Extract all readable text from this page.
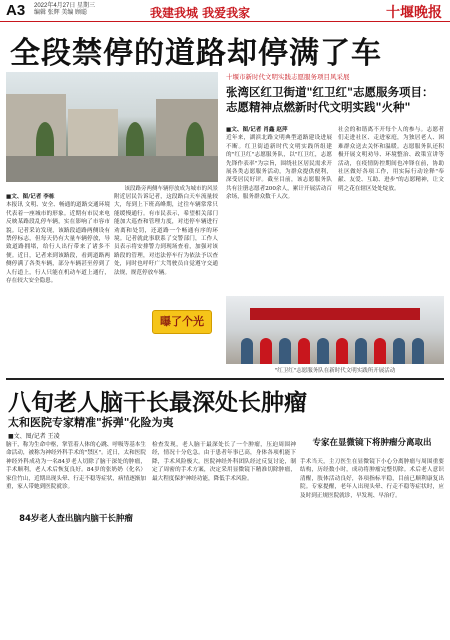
A3 2022年4月27日 星期三
编辑 张辉 美编 顾聪	我建我城 我爱我家	十堰晚报
全段禁停的道路却停满了车
该段路旁两侧车辆停放成为城市的风景
■文、图/记者 李栋
本报讯 文明、安全、畅通的道路交通环境代表着一座城市的形象。近期有市民来电反映某路段乱停车辆，实在影响了市容市貌。记者采访发现，该路段道路两侧设有禁停标志，但每天仍有大量车辆停放，导致道路拥堵，给行人出行带来了诸多不便。近日，记者来到该路段，看到道路两侧停满了各类车辆，部分车辆甚至停到了人行道上，行人只能在机动车道上通行，存在较大安全隐患。
附近居民告诉记者，这段路白天车流量较大，每到上下班高峰期，过往车辆常常只能缓慢通行。有市民表示，希望相关部门能加大巡查和管理力度，对违停车辆进行劝离和处罚，还道路一个畅通有序的环境。记者就此事联系了交警部门，工作人员表示将安排警力到现场查看，加强对该路段的管理，对违法停车行为依法予以查处，同时也呼吁广大驾驶员自觉遵守交通法规，规范停放车辆。
曝了个光
十堰市新时代文明实践志愿服务项目风采展
张湾区红卫街道"红卫红"志愿服务项目：
志愿精神点燃新时代文明实践"火种"
■文、图/记者 肖鑫 赵萍
近年来，湖滨北路文明典型道路建设进展不断。红卫街道新时代文明实践所组建的"红卫红"志愿服务队，以"红卫红，志愿先锋作表率"为宗旨，围绕社区居民需求开展各类志愿服务活动，为群众提供便利，深受居民好评。截至目前，该志愿服务队共有注册志愿者200余人，累计开展活动百余场，服务群众数千人次。
社会的和谐离不开每个人的参与。志愿者们走进社区、走进家庭，为独居老人、困难群众送去关怀和温暖。志愿服务队还积极开展文明劝导、环境整治、政策宣讲等活动，在疫情防控期间也冲锋在前，协助社区做好各项工作，用实际行动诠释"奉献、友爱、互助、进步"的志愿精神，让文明之花在辖区处处绽放。
"红卫红"志愿服务队在新时代文明实践所开展活动
八旬老人脑干长最深处长肿瘤
太和医院专家精准"拆弹"化险为夷
■文、图/记者 王凌
84岁老人查出脑内脑干长肿瘤
专家在显微镜下将肿瘤分离取出
脑干，称为生命中枢，掌管着人体的心跳、呼吸等基本生命活动，被称为神经外科手术的"禁区"。近日，太和医院神经外科成功为一名84岁老人切除了脑干深处的肿瘤，手术顺利，老人术后恢复良好。84岁的张奶奶（化名）家住竹山，近期出现头晕、行走不稳等症状，病情逐渐加重，家人带她到医院就诊。
检查发现，老人脑干最深处长了一个肿瘤，压迫周围神经，情况十分危急。由于患者年事已高，身体各项机能下降，手术风险极大。医院神经外科团队经过反复讨论，制定了周密的手术方案，决定采用显微镜下精准切除肿瘤，最大程度保护神经功能，降低手术风险。
手术当天，主刀医生在显微镜下小心分离肿瘤与周围重要结构，历经数小时，成功将肿瘤完整切除。术后老人意识清醒，肢体活动良好，各项指标平稳，目前已顺利康复出院。专家提醒，老年人出现头晕、行走不稳等症状时，应及时到正规医院就诊，早发现、早治疗。
